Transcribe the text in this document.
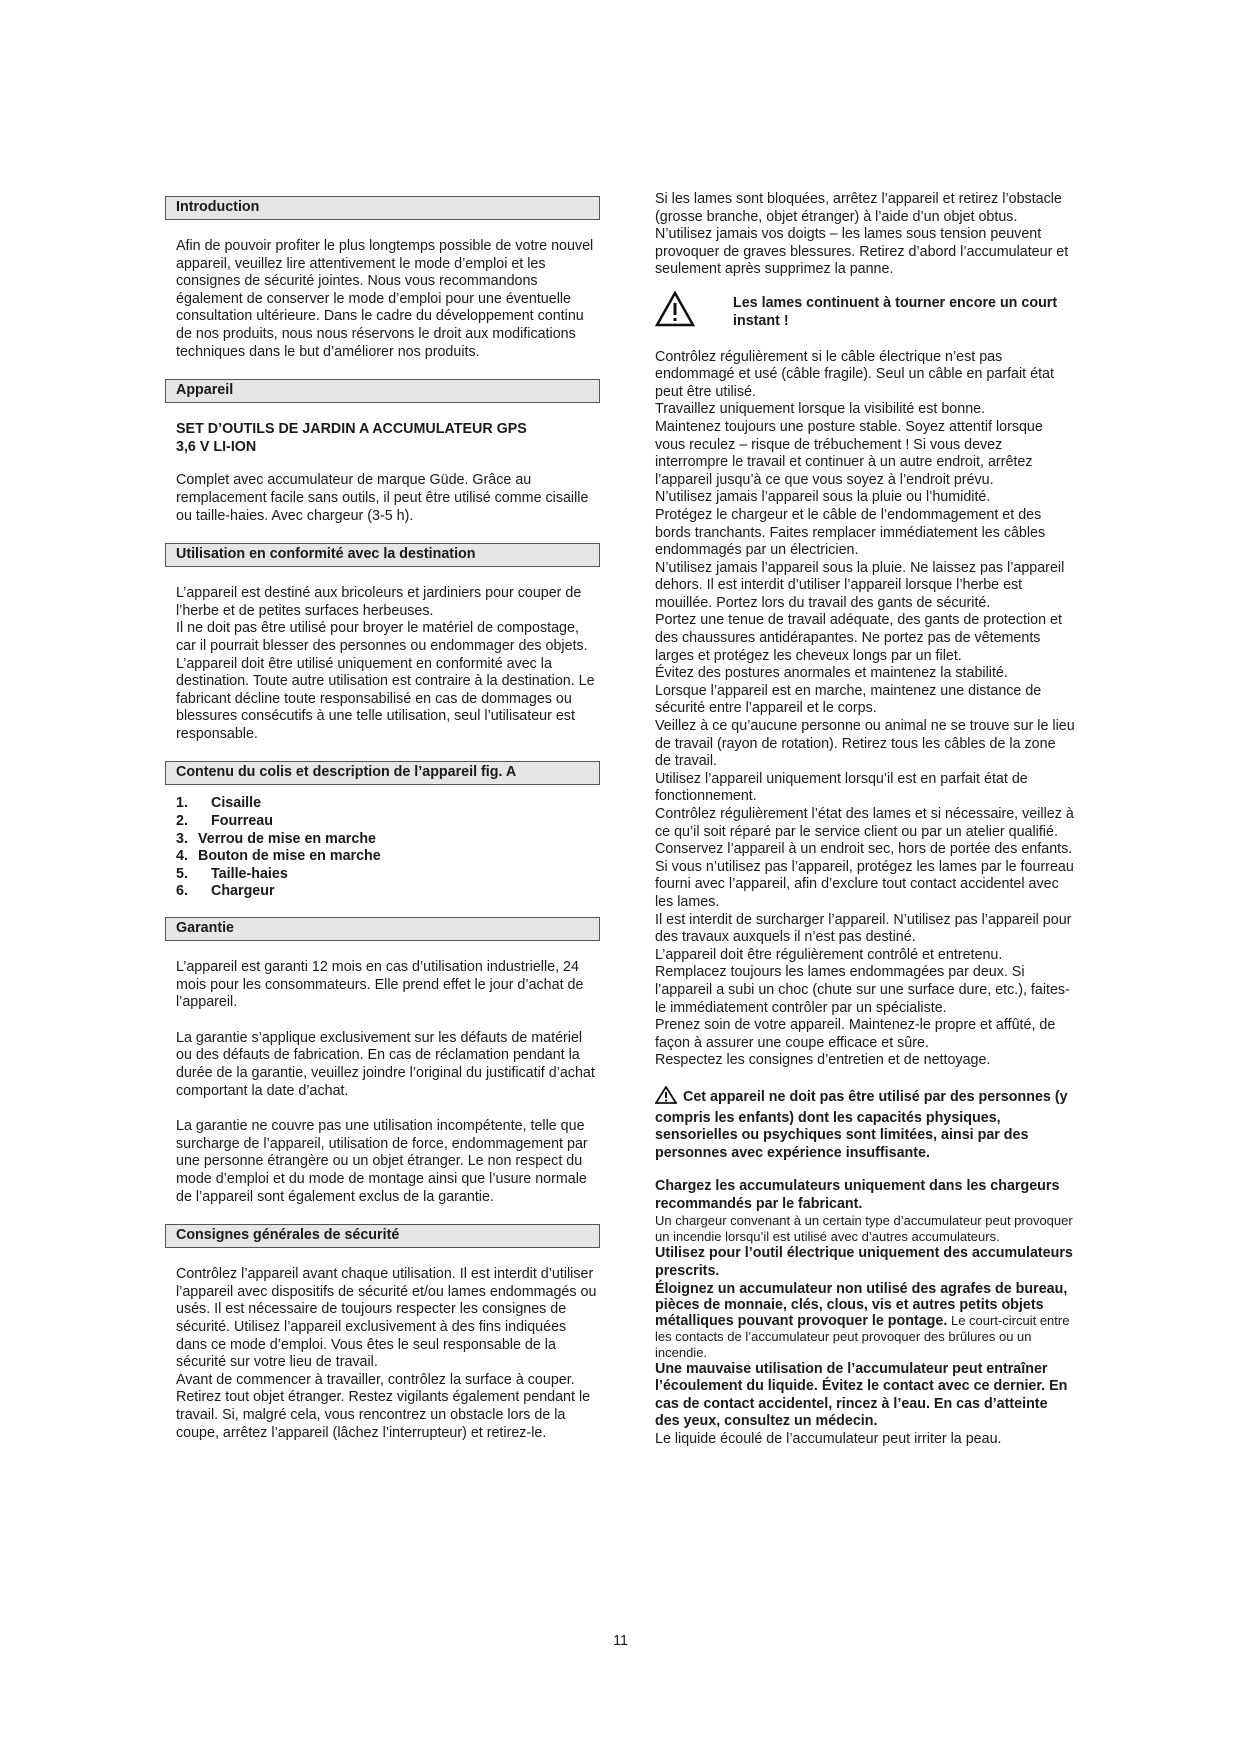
Introduction

Afin de pouvoir profiter le plus longtemps possible de votre nouvel appareil, veuillez lire attentivement le mode d’emploi et les consignes de sécurité jointes. Nous vous recommandons également de conserver le mode d’emploi pour une éventuelle consultation ultérieure. Dans le cadre du développement continu de nos produits, nous nous réservons le droit aux modifications techniques dans le but d’améliorer nos produits.

Appareil

SET D’OUTILS DE JARDIN A ACCUMULATEUR GPS

3,6 V LI-ION

Complet avec accumulateur de marque Güde. Grâce au remplacement facile sans outils, il peut être utilisé comme cisaille ou taille-haies. Avec chargeur (3-5 h).

Utilisation en conformité avec la destination

L’appareil est destiné aux bricoleurs et jardiniers pour couper de l’herbe et de petites surfaces herbeuses.

Il ne doit pas être utilisé pour broyer le matériel de compostage, car il pourrait blesser des personnes ou endommager des objets.

L’appareil doit être utilisé uniquement en conformité avec la destination. Toute autre utilisation est contraire à la destination. Le fabricant décline toute responsabilisé en cas de dommages ou blessures consécutifs à une telle utilisation, seul l’utilisateur est responsable.

Contenu du colis et description de l’appareil fig. A
1. Cisaille
2. Fourreau
3. Verrou de mise en marche
4. Bouton de mise en marche
5. Taille-haies
6. Chargeur
Garantie

L’appareil est garanti 12 mois en cas d’utilisation industrielle, 24 mois pour les consommateurs. Elle prend effet le jour d’achat de l’appareil.

La garantie s’applique exclusivement sur les défauts de matériel ou des défauts de fabrication. En cas de réclamation pendant la durée de la garantie, veuillez joindre l’original du justificatif d’achat comportant la date d’achat.

La garantie ne couvre pas une utilisation incompétente, telle que surcharge de l’appareil, utilisation de force, endommagement par une personne étrangère ou un objet étranger. Le non respect du mode d’emploi et du mode de montage ainsi que l’usure normale de l’appareil sont également exclus de la garantie.

Consignes générales de sécurité

Contrôlez l’appareil avant chaque utilisation. Il est interdit d’utiliser l’appareil avec dispositifs de sécurité et/ou lames endommagés ou usés. Il est nécessaire de toujours respecter les consignes de sécurité. Utilisez l’appareil exclusivement à des fins indiquées dans ce mode d’emploi. Vous êtes le seul responsable de la sécurité sur votre lieu de travail.

Avant de commencer à travailler, contrôlez la surface à couper. Retirez tout objet étranger. Restez vigilants également pendant le travail. Si, malgré cela, vous rencontrez un obstacle lors de la coupe, arrêtez l’appareil (lâchez l’interrupteur) et retirez-le.

Si les lames sont bloquées, arrêtez l’appareil et retirez l’obstacle (grosse branche, objet étranger) à l’aide d’un objet obtus. N’utilisez jamais vos doigts – les lames sous tension peuvent provoquer de graves blessures. Retirez d’abord l’accumulateur et seulement après supprimez la panne.

Les lames continuent à tourner encore un court instant !

Contrôlez régulièrement si le câble électrique n’est pas endommagé et usé (câble fragile). Seul un câble en parfait état peut être utilisé.

Travaillez uniquement lorsque la visibilité est bonne.

Maintenez toujours une posture stable. Soyez attentif lorsque vous reculez – risque de trébuchement ! Si vous devez interrompre le travail et continuer à un autre endroit, arrêtez l’appareil jusqu’à ce que vous soyez à l’endroit prévu.

N’utilisez jamais l’appareil sous la pluie ou l’humidité.

Protégez le chargeur et le câble de l’endommagement et des bords tranchants. Faites remplacer immédiatement les câbles endommagés par un électricien.

N’utilisez jamais l’appareil sous la pluie. Ne laissez pas l’appareil dehors. Il est interdit d’utiliser l’appareil lorsque l’herbe est mouillée. Portez lors du travail des gants de sécurité.

Portez une tenue de travail adéquate, des gants de protection et des chaussures antidérapantes. Ne portez pas de vêtements larges et protégez les cheveux longs par un filet.

Évitez des postures anormales et maintenez la stabilité.

Lorsque l’appareil est en marche, maintenez une distance de sécurité entre l’appareil et le corps.

Veillez à ce qu’aucune personne ou animal ne se trouve sur le lieu de travail (rayon de rotation). Retirez tous les câbles de la zone de travail.

Utilisez l’appareil uniquement lorsqu’il est en parfait état de fonctionnement.

Contrôlez régulièrement l’état des lames et si nécessaire, veillez à ce qu’il soit réparé par le service client ou par un atelier qualifié.

Conservez l’appareil à un endroit sec, hors de portée des enfants.

Si vous n’utilisez pas l’appareil, protégez les lames par le fourreau fourni avec l’appareil, afin d’exclure tout contact accidentel avec les lames.

Il est interdit de surcharger l’appareil. N’utilisez pas l’appareil pour des travaux auxquels il n’est pas destiné.

L’appareil doit être régulièrement contrôlé et entretenu.

Remplacez toujours les lames endommagées par deux. Si l’appareil a subi un choc (chute sur une surface dure, etc.), faites-le immédiatement contrôler par un spécialiste.

Prenez soin de votre appareil. Maintenez-le propre et affûté, de façon à assurer une coupe efficace et sûre.

Respectez les consignes d’entretien et de nettoyage.

Cet appareil ne doit pas être utilisé par des personnes (y compris les enfants) dont les capacités physiques, sensorielles ou psychiques sont limitées, ainsi par des personnes avec expérience insuffisante.

Chargez les accumulateurs uniquement dans les chargeurs recommandés par le fabricant.

Un chargeur convenant à un certain type d’accumulateur peut provoquer un incendie lorsqu’il est utilisé avec d’autres accumulateurs.

Utilisez pour l’outil électrique uniquement des accumulateurs prescrits.

Éloignez un accumulateur non utilisé des agrafes de bureau, pièces de monnaie, clés, clous, vis et autres petits objets métalliques pouvant provoquer le pontage. Le court-circuit entre les contacts de l’accumulateur peut provoquer des brûlures ou un incendie.

Une mauvaise utilisation de l’accumulateur peut entraîner l’écoulement du liquide. Évitez le contact avec ce dernier. En cas de contact accidentel, rincez à l’eau. En cas d’atteinte des yeux, consultez un médecin.

Le liquide écoulé de l’accumulateur peut irriter la peau.

11
